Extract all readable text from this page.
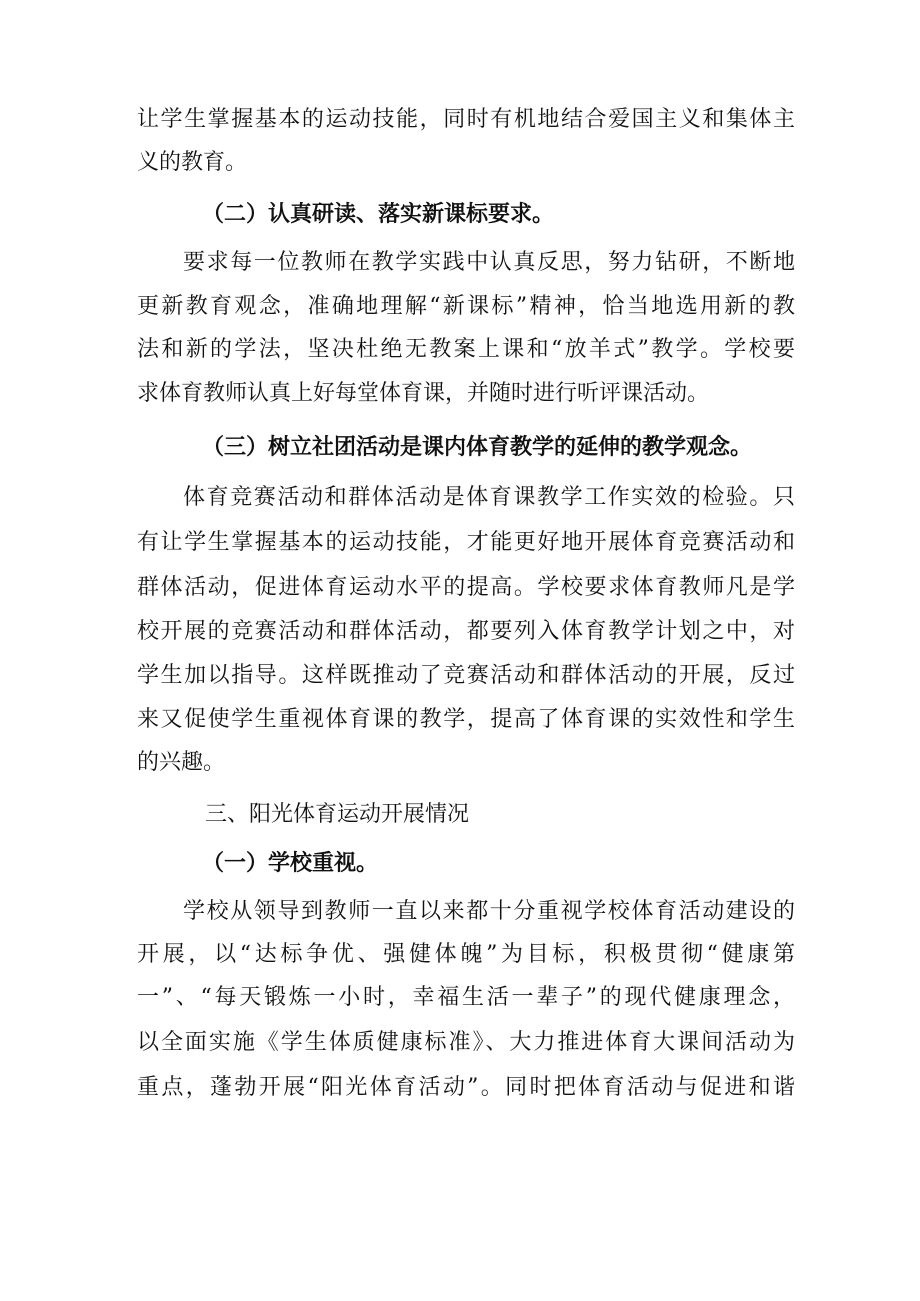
让学生掌握基本的运动技能，同时有机地结合爱国主义和集体主
义的教育。
（二）认真研读、落实新课标要求。
要求每一位教师在教学实践中认真反思，努力钻研，不断地
更新教育观念，准确地理解“新课标”精神，恰当地选用新的教
法和新的学法，坚决杜绝无教案上课和“放羊式”教学。学校要
求体育教师认真上好每堂体育课，并随时进行听评课活动。
（三）树立社团活动是课内体育教学的延伸的教学观念。
体育竞赛活动和群体活动是体育课教学工作实效的检验。只
有让学生掌握基本的运动技能，才能更好地开展体育竞赛活动和
群体活动，促进体育运动水平的提高。学校要求体育教师凡是学
校开展的竞赛活动和群体活动，都要列入体育教学计划之中，对
学生加以指导。这样既推动了竞赛活动和群体活动的开展，反过
来又促使学生重视体育课的教学，提高了体育课的实效性和学生
的兴趣。
三、阳光体育运动开展情况
（一）学校重视。
学校从领导到教师一直以来都十分重视学校体育活动建设的
开展，以“达标争优、强健体魄”为目标，积极贯彻“健康第
一”、“每天锻炼一小时，幸福生活一辈子”的现代健康理念，
以全面实施《学生体质健康标准》、大力推进体育大课间活动为
重点，蓬勃开展“阳光体育活动”。同时把体育活动与促进和谐
